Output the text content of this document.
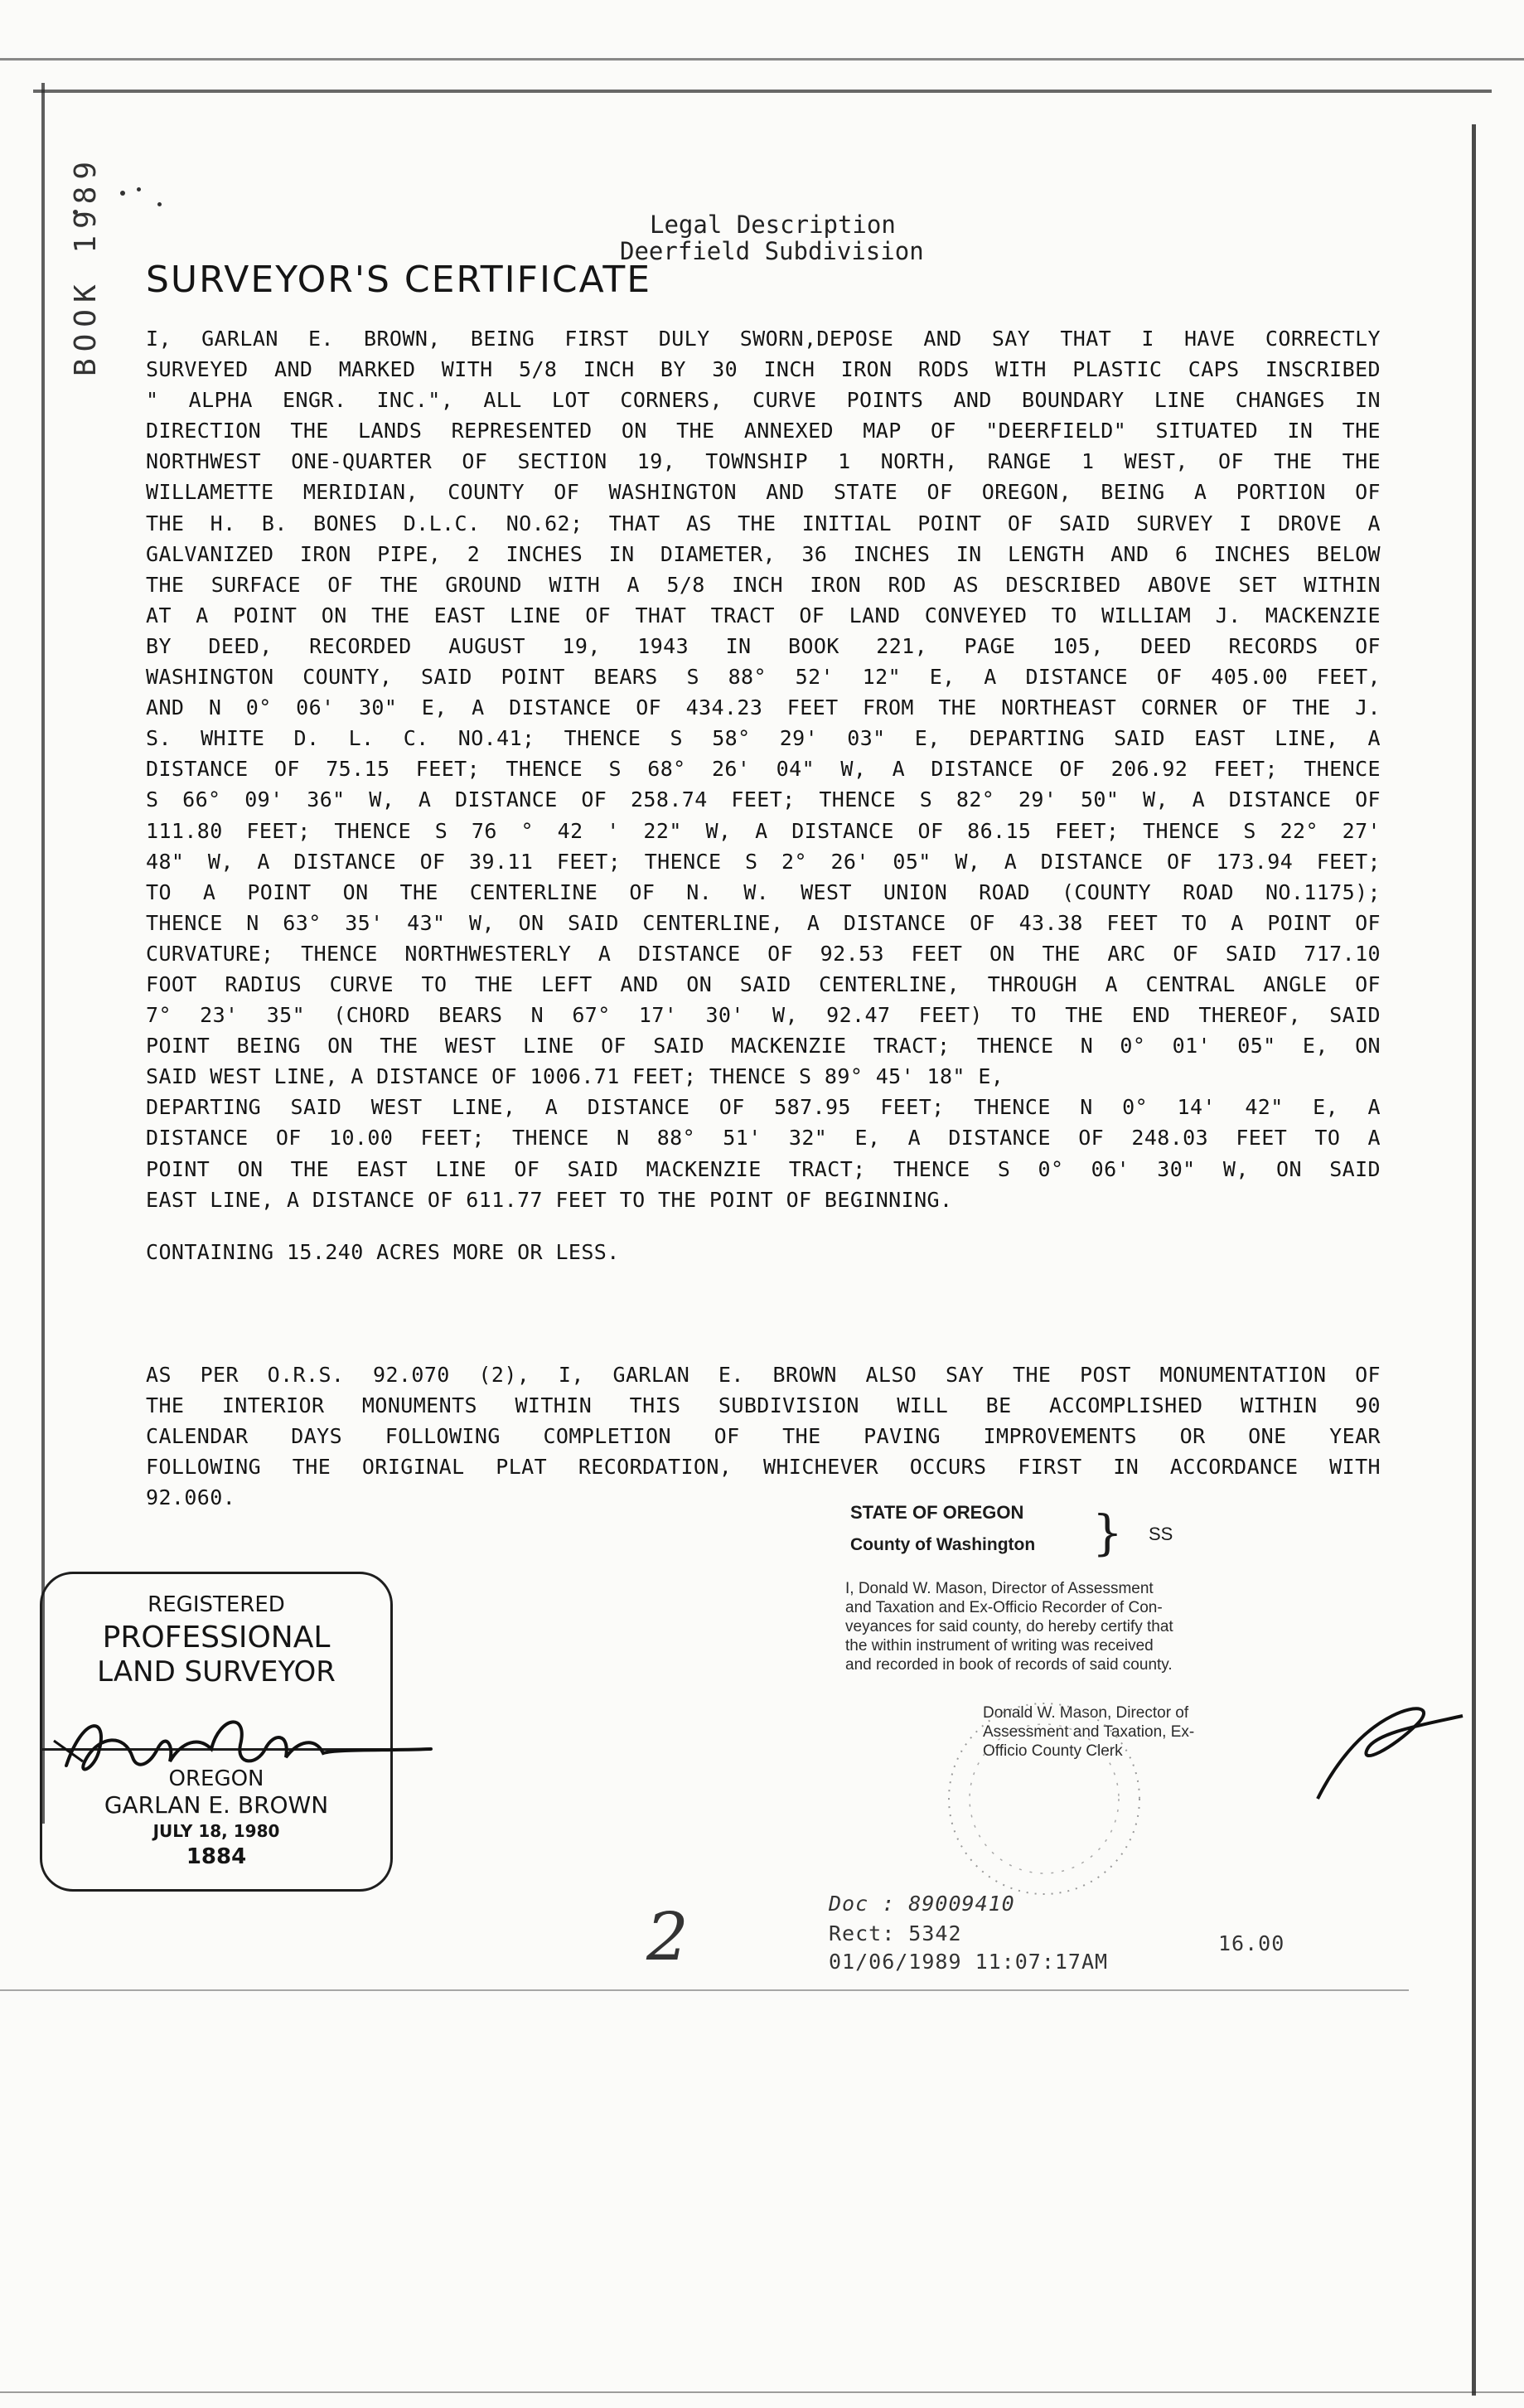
BOOK 1989	Legal Description
Deerfield Subdivision
SURVEYOR'S CERTIFICATE
I, GARLAN E. BROWN, BEING FIRST DULY SWORN,DEPOSE AND SAY THAT I HAVE CORRECTLY
SURVEYED AND MARKED WITH 5/8 INCH BY 30 INCH IRON RODS WITH PLASTIC CAPS INSCRIBED
" ALPHA ENGR. INC.", ALL LOT CORNERS, CURVE POINTS AND BOUNDARY LINE CHANGES IN
DIRECTION THE LANDS REPRESENTED ON THE ANNEXED MAP OF "DEERFIELD" SITUATED IN THE
NORTHWEST ONE-QUARTER OF SECTION 19, TOWNSHIP 1 NORTH, RANGE 1 WEST, OF THE THE
WILLAMETTE MERIDIAN, COUNTY OF WASHINGTON AND STATE OF OREGON, BEING A PORTION OF
THE H. B. BONES D.L.C. NO.62; THAT AS THE INITIAL POINT OF SAID SURVEY I DROVE A
GALVANIZED IRON PIPE, 2 INCHES IN DIAMETER, 36 INCHES IN LENGTH AND 6 INCHES BELOW
THE SURFACE OF THE GROUND WITH A 5/8 INCH IRON ROD AS DESCRIBED ABOVE SET WITHIN
AT A POINT ON THE EAST LINE OF THAT TRACT OF LAND CONVEYED TO WILLIAM J. MACKENZIE
BY DEED, RECORDED AUGUST 19, 1943 IN BOOK 221, PAGE 105, DEED RECORDS OF
WASHINGTON COUNTY, SAID POINT BEARS S 88° 52' 12" E, A DISTANCE OF 405.00 FEET,
AND N 0° 06' 30" E, A DISTANCE OF 434.23 FEET FROM THE NORTHEAST CORNER OF THE J.
S. WHITE D. L. C. NO.41; THENCE S 58° 29' 03" E, DEPARTING SAID EAST LINE, A
DISTANCE OF 75.15 FEET; THENCE S 68° 26' 04" W, A DISTANCE OF 206.92 FEET; THENCE
S 66° 09' 36" W, A DISTANCE OF 258.74 FEET; THENCE S 82° 29' 50" W, A DISTANCE OF
111.80 FEET; THENCE S 76 ° 42 ' 22" W, A DISTANCE OF 86.15 FEET; THENCE S 22° 27'
48" W, A DISTANCE OF 39.11 FEET; THENCE S 2° 26' 05" W, A DISTANCE OF 173.94 FEET;
TO A POINT ON THE CENTERLINE OF N. W. WEST UNION ROAD (COUNTY ROAD NO.1175);
THENCE N 63° 35' 43" W, ON SAID CENTERLINE, A DISTANCE OF 43.38 FEET TO A POINT OF
CURVATURE; THENCE NORTHWESTERLY A DISTANCE OF 92.53 FEET ON THE ARC OF SAID 717.10
FOOT RADIUS CURVE TO THE LEFT AND ON SAID CENTERLINE, THROUGH A CENTRAL ANGLE OF
7° 23' 35" (CHORD BEARS N 67° 17' 30' W, 92.47 FEET) TO THE END THEREOF, SAID
POINT BEING ON THE WEST LINE OF SAID MACKENZIE TRACT; THENCE N 0° 01' 05" E, ON
SAID WEST LINE, A DISTANCE OF 1006.71 FEET; THENCE S 89° 45' 18" E,
DEPARTING SAID WEST LINE, A DISTANCE OF 587.95 FEET; THENCE N 0° 14' 42" E, A
DISTANCE OF 10.00 FEET; THENCE N 88° 51' 32" E, A DISTANCE OF 248.03 FEET TO A
POINT ON THE EAST LINE OF SAID MACKENZIE TRACT; THENCE S 0° 06' 30" W, ON SAID
EAST LINE, A DISTANCE OF 611.77 FEET TO THE POINT OF BEGINNING.
CONTAINING 15.240 ACRES MORE OR LESS.
AS PER O.R.S. 92.070 (2), I, GARLAN E. BROWN ALSO SAY THE POST MONUMENTATION OF
THE INTERIOR MONUMENTS WITHIN THIS SUBDIVISION WILL BE ACCOMPLISHED WITHIN 90
CALENDAR DAYS FOLLOWING COMPLETION OF THE PAVING IMPROVEMENTS OR ONE YEAR
FOLLOWING THE ORIGINAL PLAT RECORDATION, WHICHEVER OCCURS FIRST IN ACCORDANCE WITH
92.060.
REGISTERED
PROFESSIONAL
LAND SURVEYOR
OREGON
GARLAN E. BROWN
JULY 18, 1980
1884
STATE OF OREGON
County of Washington } SS
I, Donald W. Mason, Director of Assessment
and Taxation and Ex-Officio Recorder of Con-
veyances for said county, do hereby certify that
the within instrument of writing was received
and recorded in book of records of said county.
Donald W. Mason, Director of
Assessment and Taxation, Ex-
Officio County Clerk
Doc : 89009410
Rect: 5342	16.00
01/06/1989 11:07:17AM
2
